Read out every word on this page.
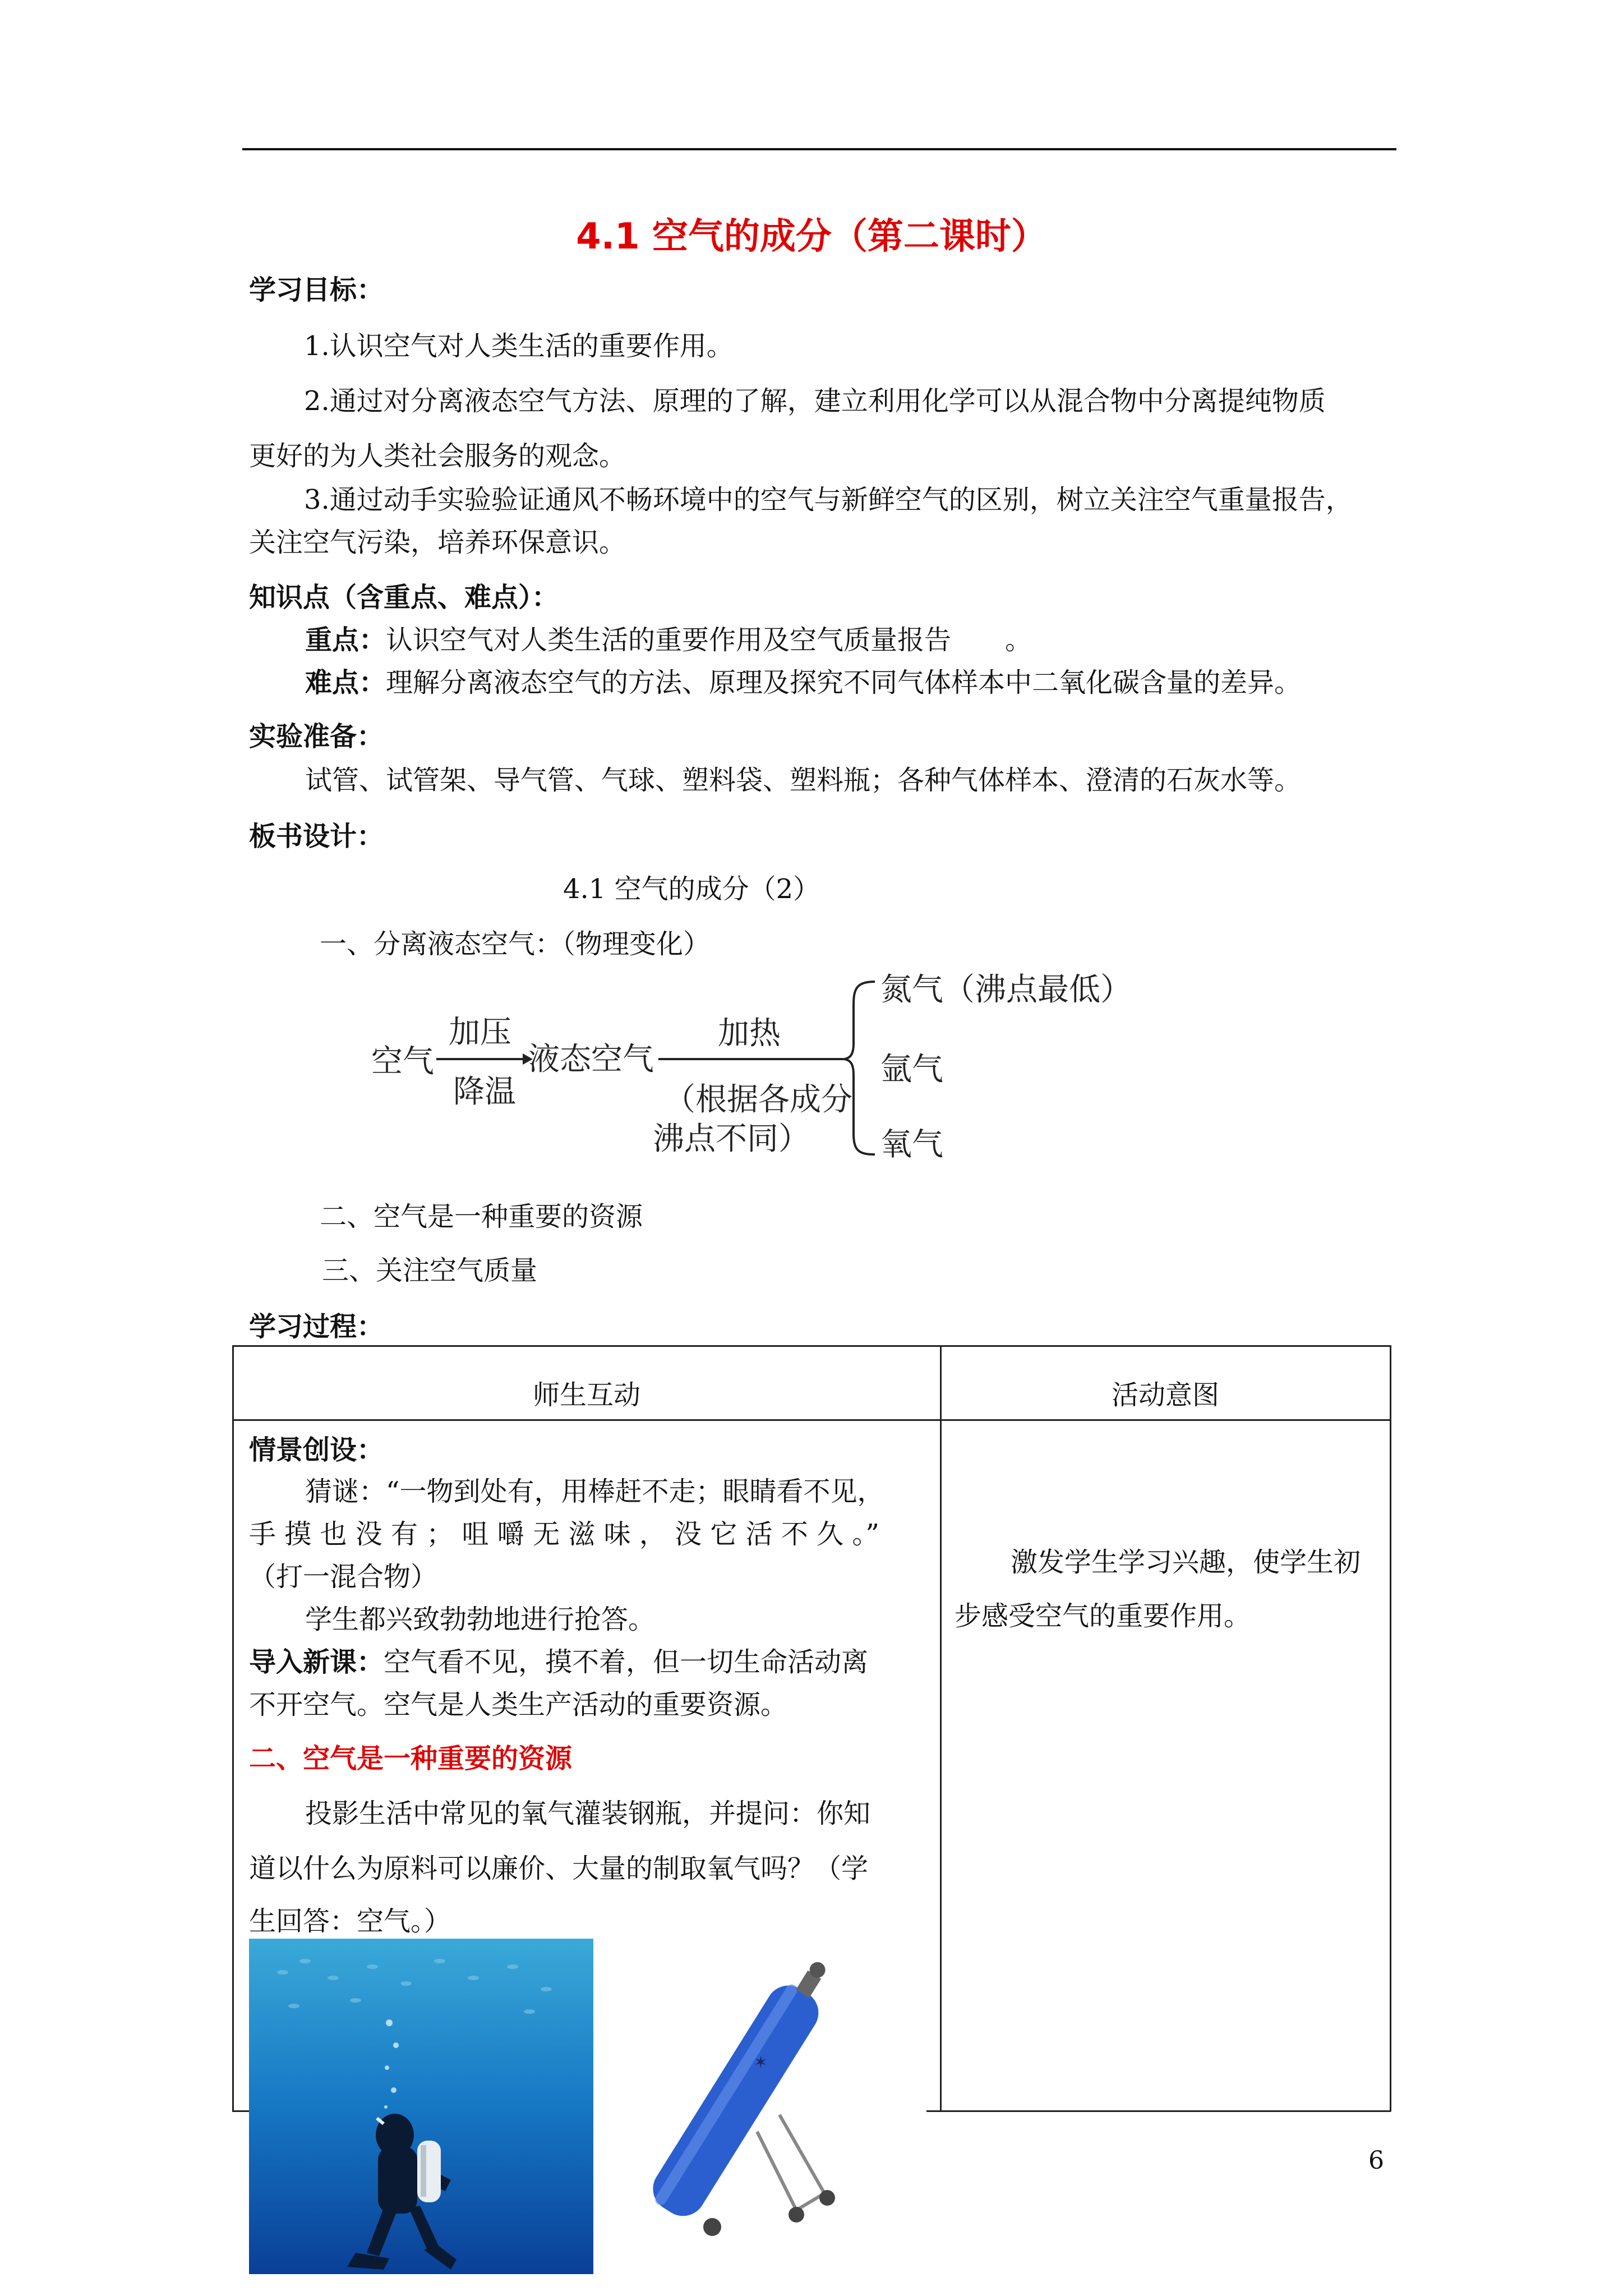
4.1 空气的成分（第二课时）
学习目标：
1.认识空气对人类生活的重要作用。
2.通过对分离液态空气方法、原理的了解，建立利用化学可以从混合物中分离提纯物质
更好的为人类社会服务的观念。
3.通过动手实验验证通风不畅环境中的空气与新鲜空气的区别，树立关注空气重量报告，
关注空气污染，培养环保意识。
知识点（含重点、难点）：
重点：认识空气对人类生活的重要作用及空气质量报告　　。
难点：理解分离液态空气的方法、原理及探究不同气体样本中二氧化碳含量的差异。
实验准备：
试管、试管架、导气管、气球、塑料袋、塑料瓶；各种气体样本、澄清的石灰水等。
板书设计：
4.1 空气的成分（2）
一、分离液态空气：（物理变化）
空气
加压
降温
液态空气
加热
（根据各成分
沸点不同）
氮气（沸点最低）
氩气
氧气
二、空气是一种重要的资源
三、关注空气质量
学习过程：
师生互动	活动意图
情景创设：
猜谜：“一物到处有，用棒赶不走；眼睛看不见，
手 摸 也 没 有 ； 咀 嚼 无 滋 味 ， 没 它 活 不 久 。”
（打一混合物）
学生都兴致勃勃地进行抢答。
导入新课：空气看不见，摸不着，但一切生命活动离
不开空气。空气是人类生产活动的重要资源。
二、空气是一种重要的资源
投影生活中常见的氧气灌装钢瓶，并提问：你知
道以什么为原料可以廉价、大量的制取氧气吗？（学
生回答：空气。）
激发学生学习兴趣，使学生初
步感受空气的重要作用。
✶
6
